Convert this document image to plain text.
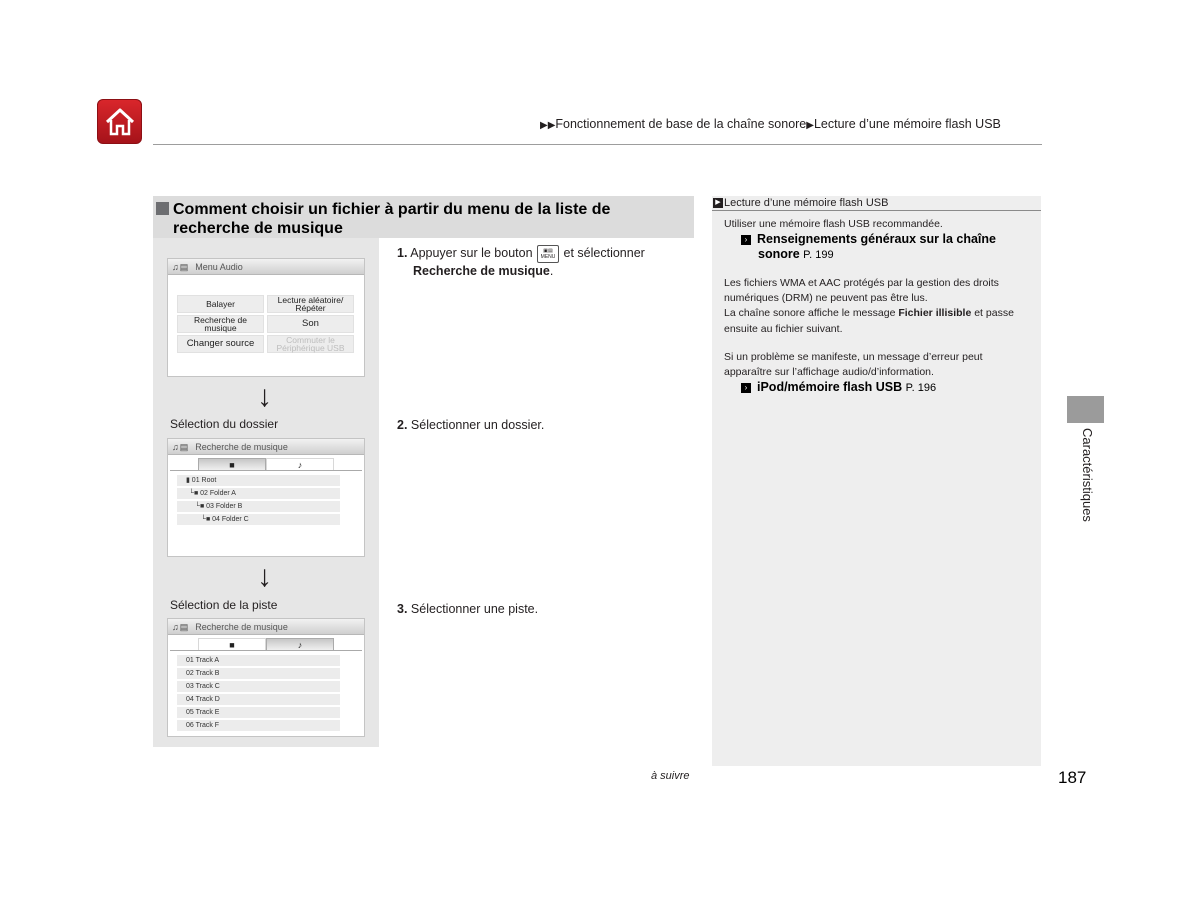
▶▶Fonctionnement de base de la chaîne sonore▶Lecture d’une mémoire flash USB
Comment choisir un fichier à partir du menu de la liste de
recherche de musique
♫▤ Menu Audio
Balayer	Lecture aléatoire/ Répéter
Recherche de musique	Son
Changer source	Commuter le Périphérique USB
↓
Sélection du dossier
♫▤ Recherche de musique
■	♪
▮ 01 Root
└■ 02 Folder A
└■ 03 Folder B
└■ 04 Folder C
↓
Sélection de la piste
♫▤ Recherche de musique
■	♪
01 Track A
02 Track B
03 Track C
04 Track D
05 Track E
06 Track F
1. Appuyer sur le bouton ▣▤
MENU et sélectionner
Recherche de musique.
2. Sélectionner un dossier.
3. Sélectionner une piste.
▶ Lecture d’une mémoire flash USB
Utiliser une mémoire flash USB recommandée.
› Renseignements généraux sur la chaîne
sonore P. 199
Les fichiers WMA et AAC protégés par la gestion des droits
numériques (DRM) ne peuvent pas être lus.
La chaîne sonore affiche le message Fichier illisible et passe
ensuite au fichier suivant.
Si un problème se manifeste, un message d’erreur peut
apparaître sur l’affichage audio/d’information.
› iPod/mémoire flash USB P. 196
Caractéristiques
à suivre	187
